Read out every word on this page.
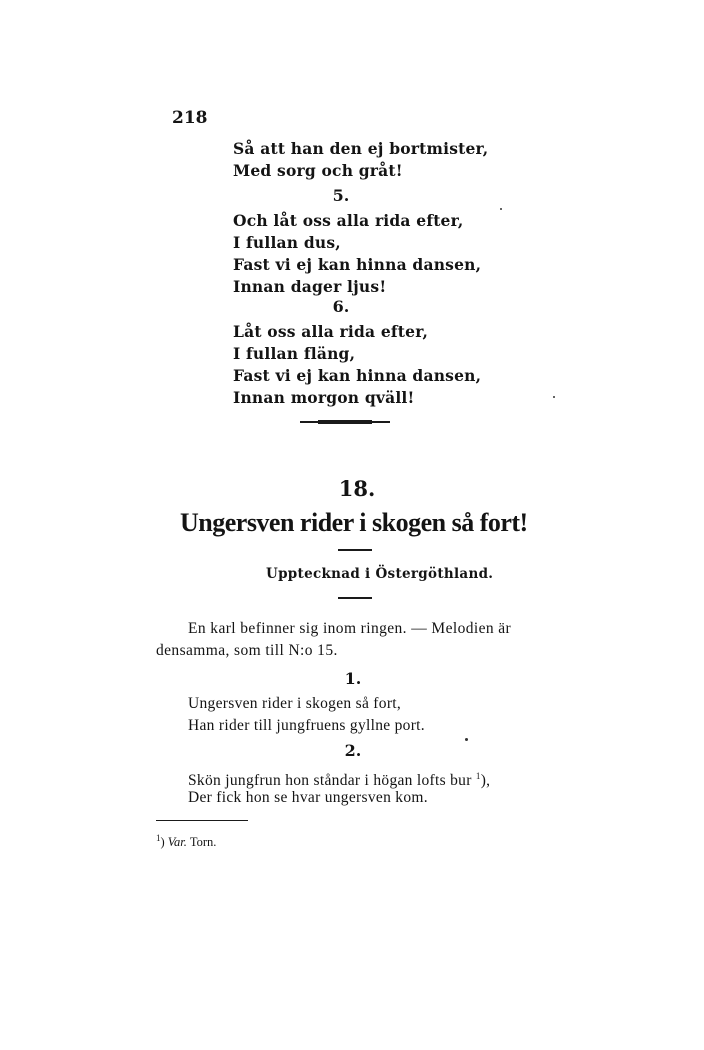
218
Så att han den ej bortmister,
Med sorg och gråt!
5.
Och låt oss alla rida efter,
I fullan dus,
Fast vi ej kan hinna dansen,
Innan dager ljus!
6.
Låt oss alla rida efter,
I fullan fläng,
Fast vi ej kan hinna dansen,
Innan morgon qväll!
18.
Ungersven rider i skogen så fort!
Upptecknad i Östergöthland.
En karl befinner sig inom ringen. — Melodien är
densamma, som till N:o 15.
1.
Ungersven rider i skogen så fort,
Han rider till jungfruens gyllne port.
2.
Skön jungfrun hon ståndar i högan lofts bur $^1$),
Der fick hon se hvar ungersven kom.
$^1$) Var. Torn.
